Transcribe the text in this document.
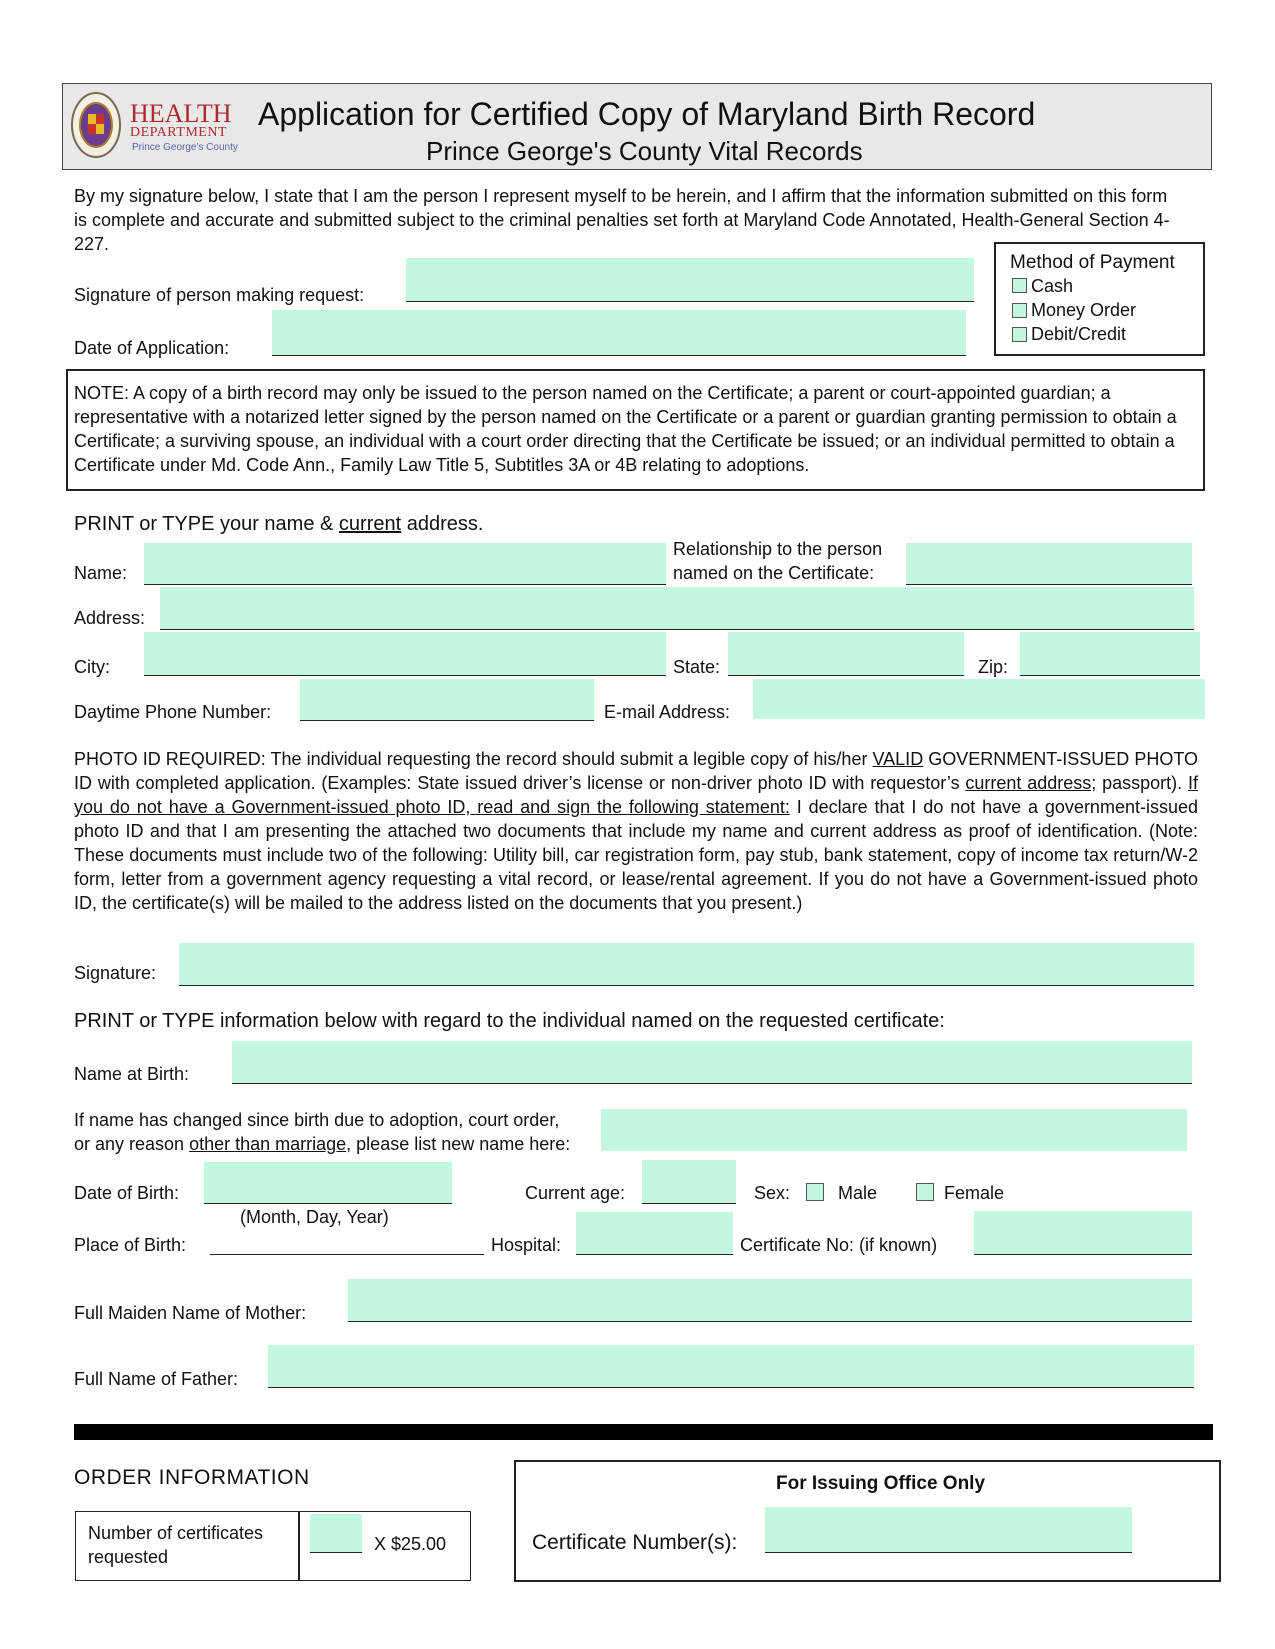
HEALTH
DEPARTMENT
Prince George's County
Application for Certified Copy of Maryland Birth Record
Prince George's County Vital Records
By my signature below, I state that I am the person I represent myself to be herein, and I affirm that the information submitted on this form is complete and accurate and submitted subject to the criminal penalties set forth at Maryland Code Annotated, Health-General Section 4-227.
Signature of person making request:
Date of Application:
Method of Payment
Cash
Money Order
Debit/Credit
NOTE: A copy of a birth record may only be issued to the person named on the Certificate; a parent or court-appointed guardian; a representative with a notarized letter signed by the person named on the Certificate or a parent or guardian granting permission to obtain a Certificate; a surviving spouse, an individual with a court order directing that the Certificate be issued; or an individual permitted to obtain a Certificate under Md. Code Ann., Family Law Title 5, Subtitles 3A or 4B relating to adoptions.
PRINT or TYPE your name & current address.
Name:
Relationship to the person
named on the Certificate:
Address:
City:	State:	Zip:
Daytime Phone Number:	E-mail Address:
PHOTO ID REQUIRED: The individual requesting the record should submit a legible copy of his/her VALID GOVERNMENT-ISSUED PHOTO ID with completed application. (Examples: State issued driver’s license or non-driver photo ID with requestor’s current address; passport). If you do not have a Government-issued photo ID, read and sign the following statement: I declare that I do not have a government-issued photo ID and that I am presenting the attached two documents that include my name and current address as proof of identification. (Note: These documents must include two of the following: Utility bill, car registration form, pay stub, bank statement, copy of income tax return/W-2 form, letter from a government agency requesting a vital record, or lease/rental agreement. If you do not have a Government-issued photo ID, the certificate(s) will be mailed to the address listed on the documents that you present.)
Signature:
PRINT or TYPE information below with regard to the individual named on the requested certificate:
Name at Birth:
If name has changed since birth due to adoption, court order,
or any reason other than marriage, please list new name here:
Date of Birth:
(Month, Day, Year)
Current age:	Sex:	Male	Female
Place of Birth:	Hospital:	Certificate No: (if known)
Full Maiden Name of Mother:
Full Name of Father:
ORDER INFORMATION
Number of certificates
requested
X $25.00
For Issuing Office Only
Certificate Number(s):
